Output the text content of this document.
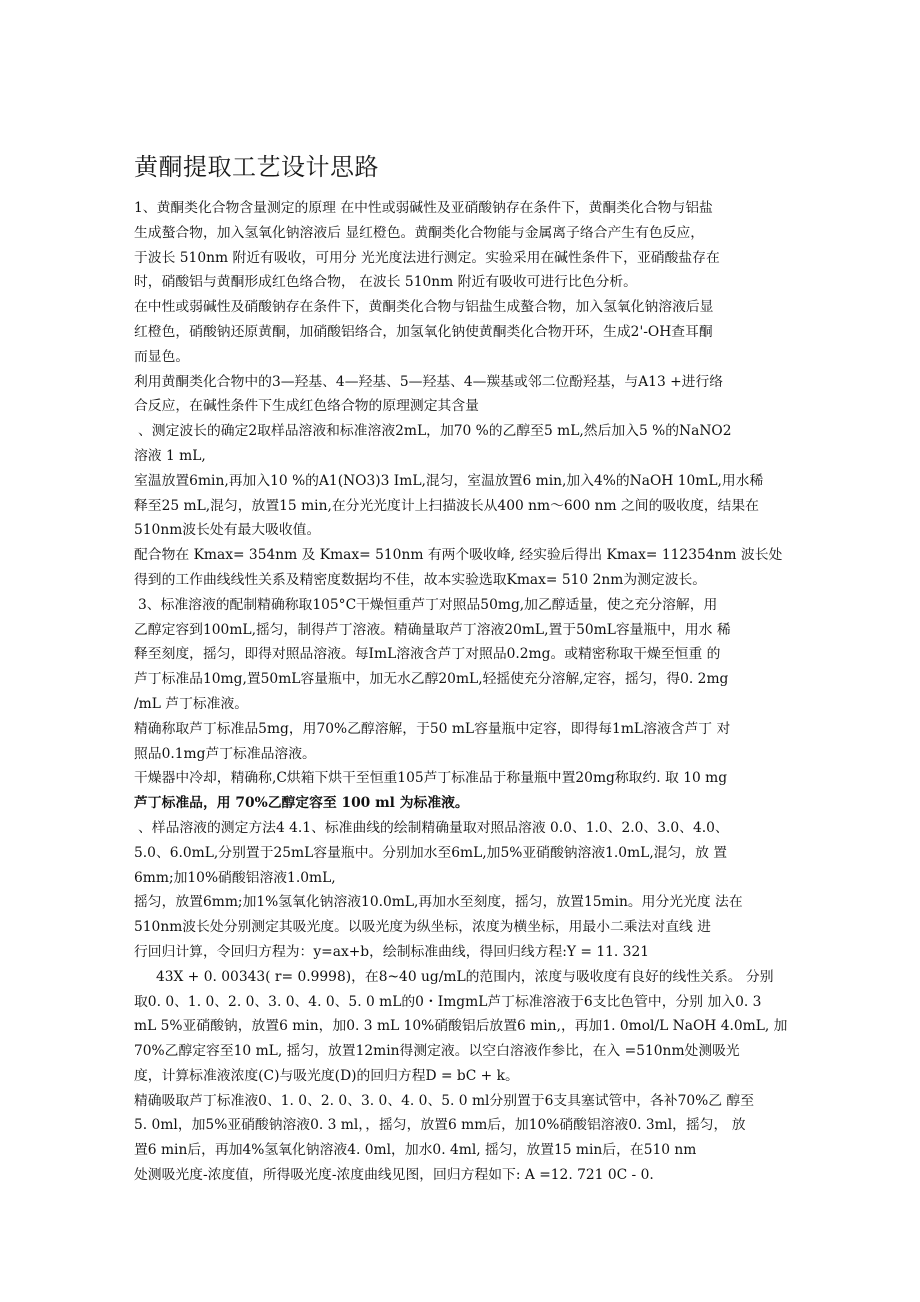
黄酮提取工艺设计思路
1、黄酮类化合物含量测定的原理 在中性或弱碱性及亚硝酸钠存在条件下，黄酮类化合物与铝盐
生成螯合物，加入氢氧化钠溶液后 显红橙色。黄酮类化合物能与金属离子络合产生有色反应，
于波长 510nm 附近有吸收，可用分 光光度法进行测定。实验采用在碱性条件下，亚硝酸盐存在
时，硝酸铝与黄酮形成红色络合物， 在波长 510nm 附近有吸收可进行比色分析。
在中性或弱碱性及硝酸钠存在条件下，黄酮类化合物与铝盐生成螯合物，加入氢氧化钠溶液后显
红橙色，硝酸钠还原黄酮，加硝酸铝络合，加氢氧化钠使黄酮类化合物开环，生成2'-OH查耳酮
而显色。
利用黄酮类化合物中的3—羟基、4—羟基、5—羟基、4—羰基或邻二位酚羟基，与A13 +进行络
合反应，在碱性条件下生成红色络合物的原理测定其含量
、测定波长的确定2取样品溶液和标准溶液2mL，加70 %的乙醇至5 mL,然后加入5 %的NaNO2
溶液 1 mL,
室温放置6min,再加入10 %的A1(NO3)3 ImL,混匀，室温放置6 min,加入4%的NaOH 10mL,用水稀
释至25 mL,混匀，放置15 min,在分光光度计上扫描波长从400 nm～600 nm 之间的吸收度，结果在
510nm波长处有最大吸收值。
配合物在 Kmax= 354nm 及 Kmax= 510nm 有两个吸收峰, 经实验后得出 Kmax= 112354nm 波长处
得到的工作曲线线性关系及精密度数据均不佳，故本实验选取Kmax= 510 2nm为测定波长。
3、标准溶液的配制精确称取105°C干燥恒重芦丁对照品50mg,加乙醇适量，使之充分溶解，用
乙醇定容到100mL,摇匀，制得芦丁溶液。精确量取芦丁溶液20mL,置于50mL容量瓶中，用水 稀
释至刻度，摇匀，即得对照品溶液。每ImL溶液含芦丁对照品0.2mg。或精密称取干燥至恒重 的
芦丁标准品10mg,置50mL容量瓶中，加无水乙醇20mL,轻摇使充分溶解,定容，摇匀，得0. 2mg
/mL 芦丁标准液。
精确称取芦丁标准品5mg，用70%乙醇溶解，于50 mL容量瓶中定容，即得每1mL溶液含芦丁 对
照品0.1mg芦丁标准品溶液。
干燥器中冷却，精确称,C烘箱下烘干至恒重105芦丁标准品于称量瓶中置20mg称取约. 取 10 mg
芦丁标准品，用 70%乙醇定容至 100 ml 为标准液。
、样品溶液的测定方法4 4.1、标准曲线的绘制精确量取对照品溶液 0.0、1.0、2.0、3.0、4.0、
5.0、6.0mL,分别置于25mL容量瓶中。分别加水至6mL,加5%亚硝酸钠溶液1.0mL,混匀，放 置
6mm;加10%硝酸铝溶液1.0mL,
摇匀，放置6mm;加1%氢氧化钠溶液10.0mL,再加水至刻度，摇匀，放置15min。用分光光度 法在
510nm波长处分别测定其吸光度。以吸光度为纵坐标，浓度为横坐标，用最小二乘法对直线 进
行回归计算，令回归方程为：y=ax+b，绘制标准曲线，得回归线方程:Y = 11. 321
43X + 0. 00343( r= 0.9998)，在8~40 ug/mL的范围内，浓度与吸收度有良好的线性关系。 分别
取0. 0、1. 0、2. 0、3. 0、4. 0、5. 0 mL的0・ImgmL芦丁标准溶液于6支比色管中，分别 加入0. 3
mL 5%亚硝酸钠，放置6 min，加0. 3 mL 10%硝酸铝后放置6 min,，再加1. 0mol/L NaOH 4.0mL, 加
70%乙醇定容至10 mL, 摇匀，放置12min得测定液。以空白溶液作参比，在入 =510nm处测吸光
度，计算标准液浓度(C)与吸光度(D)的回归方程D = bC + k。
精确吸取芦丁标准液0、1. 0、2. 0、3. 0、4. 0、5. 0 ml分别置于6支具塞试管中，各补70%乙 醇至
5. 0ml，加5%亚硝酸钠溶液0. 3 ml，，摇匀，放置6 mm后，加10%硝酸铝溶液0. 3ml，摇匀， 放
置6 min后，再加4%氢氧化钠溶液4. 0ml，加水0. 4ml, 摇匀，放置15 min后，在510 nm
处测吸光度-浓度值，所得吸光度-浓度曲线见图，回归方程如下: A =12. 721 0C - 0.
